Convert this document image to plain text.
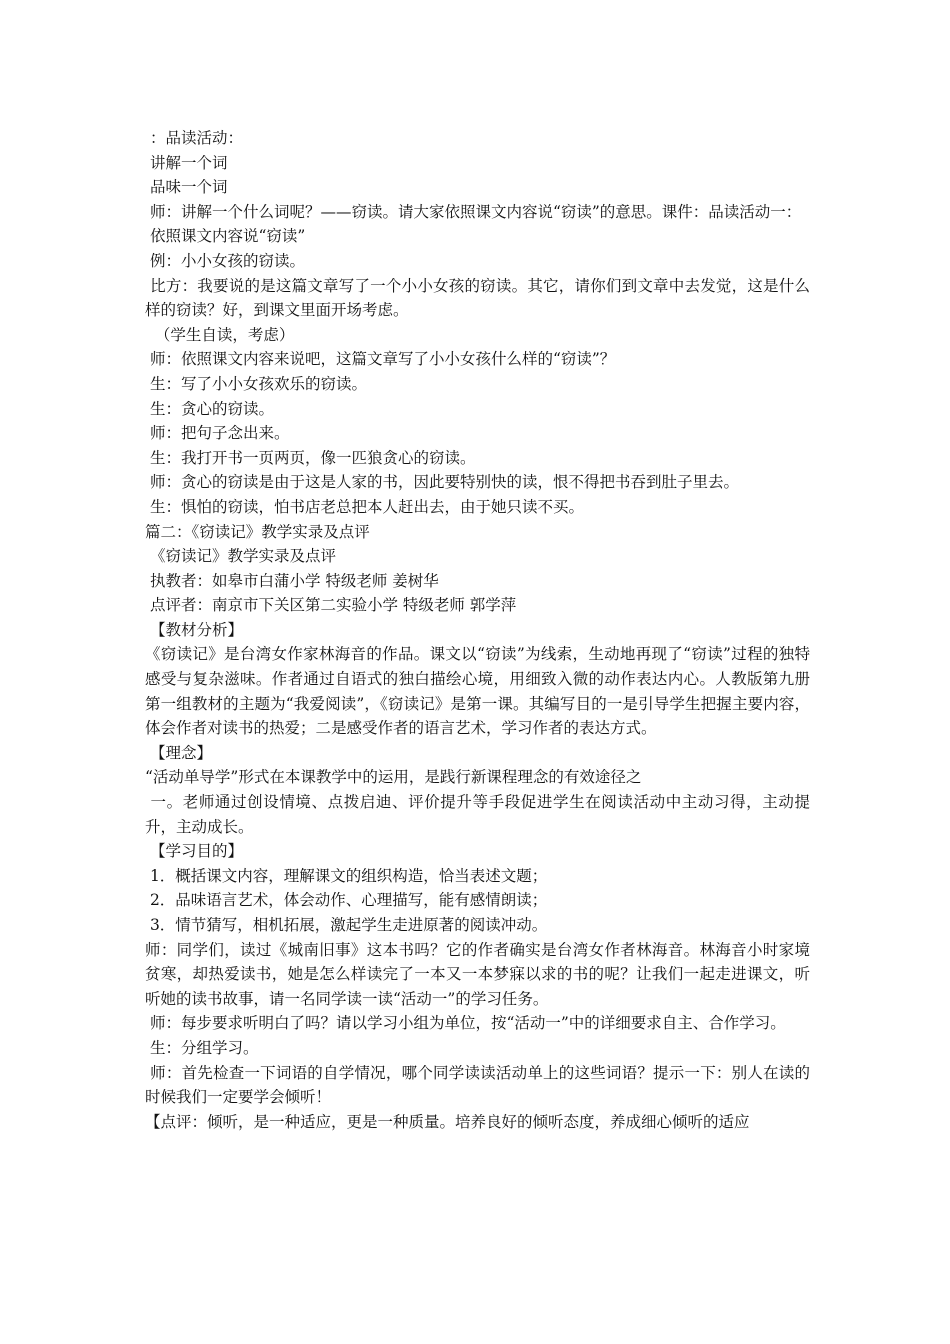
：品读活动：

讲解一个词

品味一个词

师：讲解一个什么词呢？——窃读。请大家依照课文内容说“窃读”的意思。课件：品读活动一：

依照课文内容说“窃读”

例：小小女孩的窃读。

比方：我要说的是这篇文章写了一个小小女孩的窃读。其它，请你们到文章中去发觉，这是什么样的窃读？好，到课文里面开场考虑。

（学生自读，考虑）

师：依照课文内容来说吧，这篇文章写了小小女孩什么样的“窃读”？

生：写了小小女孩欢乐的窃读。

生：贪心的窃读。

师：把句子念出来。

生：我打开书一页两页，像一匹狼贪心的窃读。

师：贪心的窃读是由于这是人家的书，因此要特别快的读，恨不得把书吞到肚子里去。

生：惧怕的窃读，怕书店老总把本人赶出去，由于她只读不买。

篇二：《窃读记》教学实录及点评

《窃读记》教学实录及点评

执教者：如皋市白蒲小学 特级老师 姜树华

点评者：南京市下关区第二实验小学 特级老师 郭学萍

【教材分析】

《窃读记》是台湾女作家林海音的作品。课文以“窃读”为线索，生动地再现了“窃读”过程的独特感受与复杂滋味。作者通过自语式的独白描绘心境，用细致入微的动作表达内心。人教版第九册第一组教材的主题为“我爱阅读”，《窃读记》是第一课。其编写目的一是引导学生把握主要内容，体会作者对读书的热爱；二是感受作者的语言艺术，学习作者的表达方式。

【理念】

“活动单导学”形式在本课教学中的运用，是践行新课程理念的有效途径之

一。老师通过创设情境、点拨启迪、评价提升等手段促进学生在阅读活动中主动习得，主动提升，主动成长。

【学习目的】

1．概括课文内容，理解课文的组织构造，恰当表述文题；

2．品味语言艺术，体会动作、心理描写，能有感情朗读；

3．情节猜写，相机拓展，激起学生走进原著的阅读冲动。

师：同学们，读过《城南旧事》这本书吗？它的作者确实是台湾女作者林海音。林海音小时家境贫寒，却热爱读书，她是怎么样读完了一本又一本梦寐以求的书的呢？让我们一起走进课文，听听她的读书故事，请一名同学读一读“活动一”的学习任务。

师：每步要求听明白了吗？请以学习小组为单位，按“活动一”中的详细要求自主、合作学习。

生：分组学习。

师：首先检查一下词语的自学情况，哪个同学读读活动单上的这些词语？提示一下：别人在读的时候我们一定要学会倾听！

【点评：倾听，是一种适应，更是一种质量。培养良好的倾听态度，养成细心倾听的适应
